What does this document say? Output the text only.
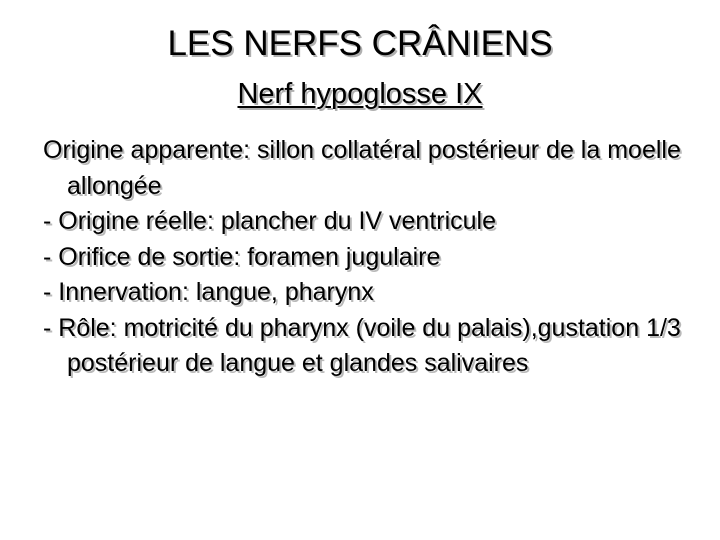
LES NERFS CRÂNIENS
Nerf hypoglosse IX

Origine apparente: sillon collatéral postérieur de la moelle allongée

- Origine réelle: plancher du IV ventricule

- Orifice de sortie: foramen jugulaire

- Innervation: langue, pharynx

- Rôle: motricité du pharynx (voile du palais),gustation 1/3 postérieur de langue et glandes salivaires
